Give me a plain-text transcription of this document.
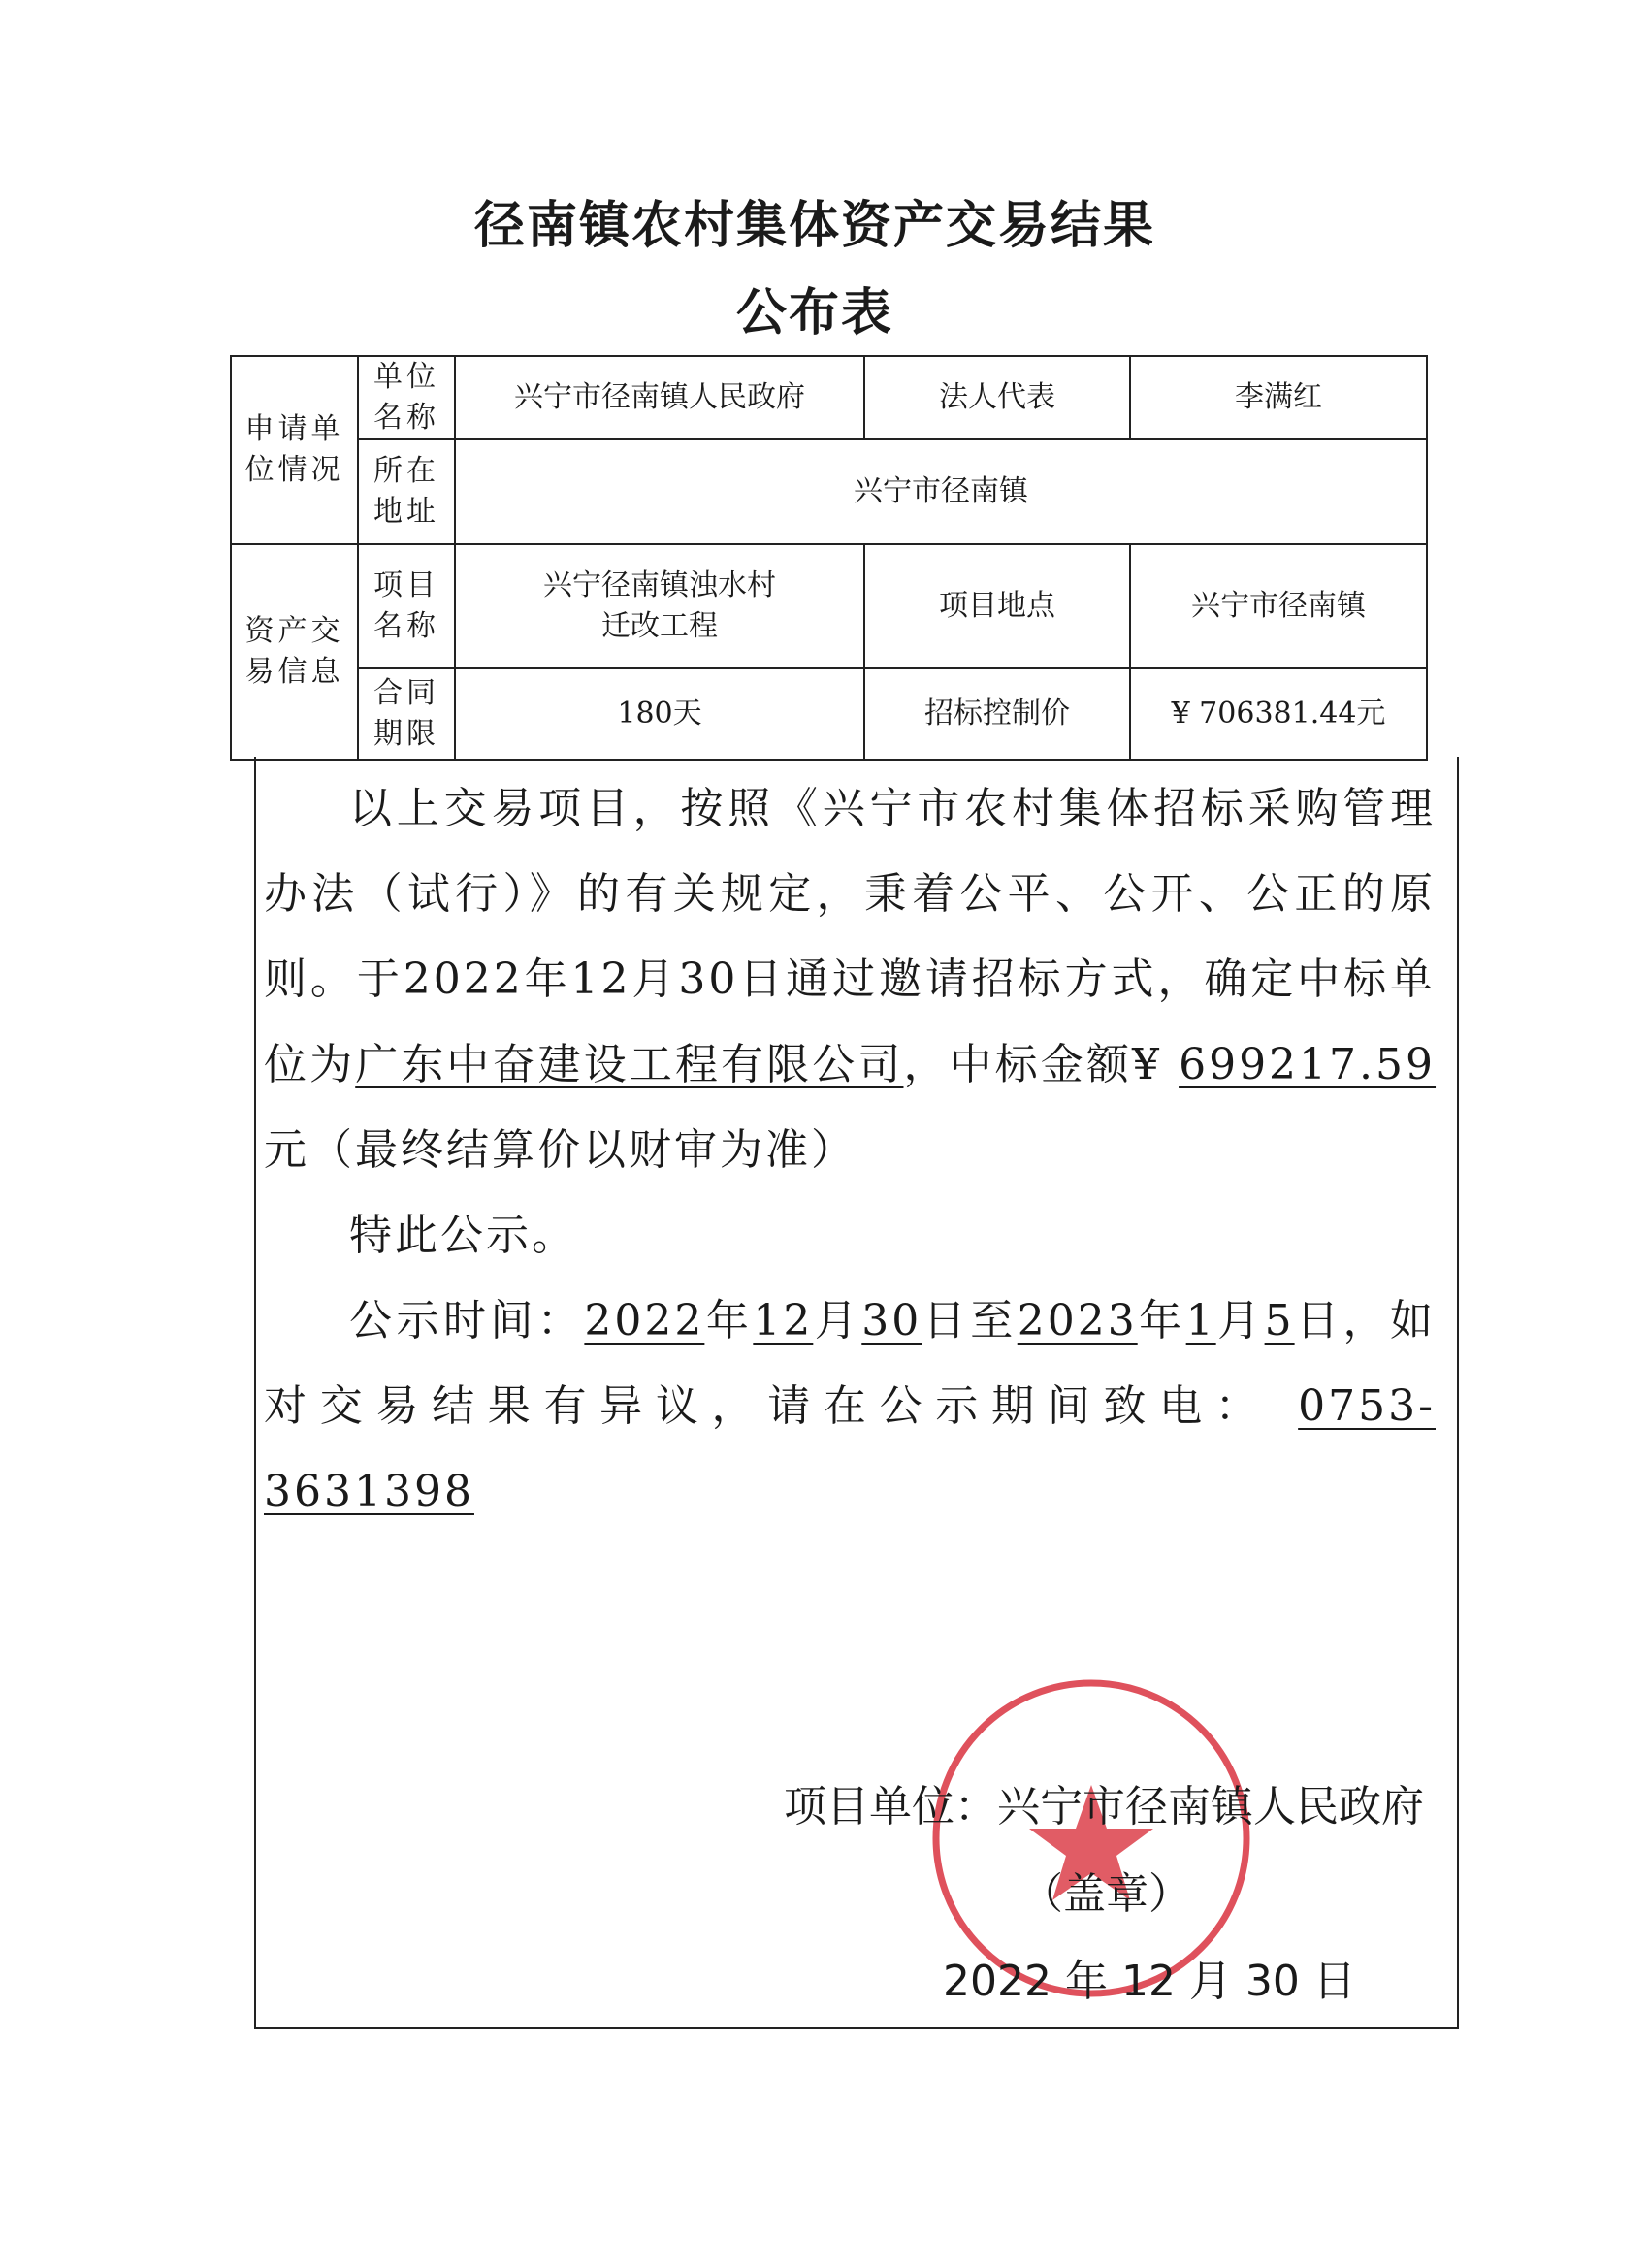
径南镇农村集体资产交易结果
公布表
申请单位情况	单位名称	兴宁市径南镇人民政府	法人代表	李满红
	所在地址	兴宁市径南镇		
资产交易信息	项目名称	兴宁径南镇浊水村迁改工程	项目地点	兴宁市径南镇
	合同期限	180天	招标控制价	¥ 706381.44元

以上交易项目，按照《兴宁市农村集体招标采购管理办法（试行）》的有关规定，秉着公平、公开、公正的原则。于2022年12月30日通过邀请招标方式，确定中标单位为广东中奋建设工程有限公司，中标金额¥ 699217.59 元（最终结算价以财审为准）

特此公示。

公示时间：2022年12月30日至2023年1月5日，如对交易结果有异议，请在公示期间致电： 0753-3631398

项目单位：兴宁市径南镇人民政府
（盖章）
2022 年 12 月 30 日
